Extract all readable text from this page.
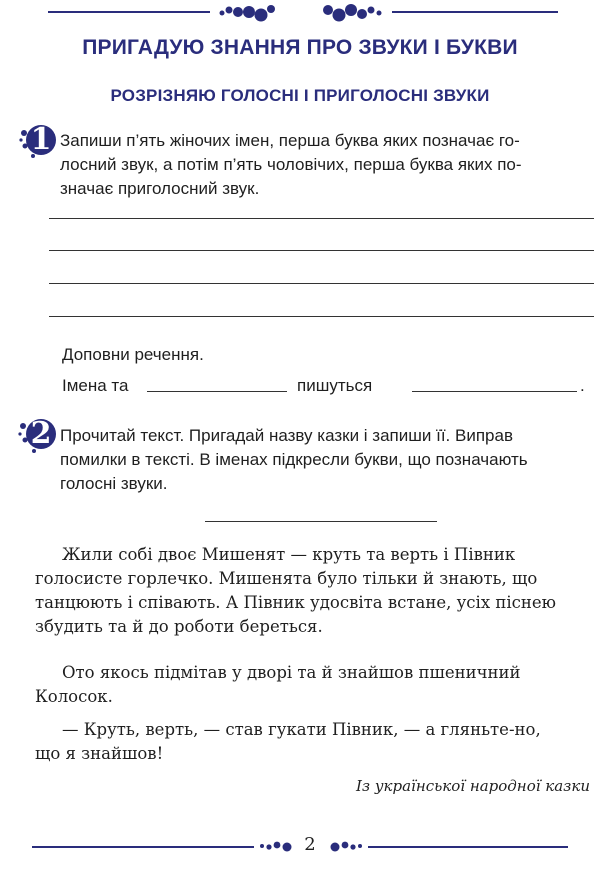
ПРИГАДУЮ ЗНАННЯ ПРО ЗВУКИ І БУКВИ
РОЗРІЗНЯЮ ГОЛОСНІ І ПРИГОЛОСНІ ЗВУКИ
1 Запиши п’ять жіночих імен, перша буква яких позначає го-
лосний звук, а потім п’ять чоловічих, перша буква яких по-
значає приголосний звук.
Доповни речення.
Імена та	пишуться	.
2 Прочитай текст. Пригадай назву казки і запиши її. Виправ
помилки в тексті. В іменах підкресли букви, що позначають
голосні звуки.
Жили собі двоє Мишенят — круть та верть і Півник
голосисте горлечко. Мишенята було тільки й знають, що
танцюють і співають. А Півник удосвіта встане, усіх піснею
збудить та й до роботи береться.
Ото якось підмітав у дворі та й знайшов пшеничний
Колосок.
— Круть, верть, — став гукати Півник, — а гляньте-но,
що я знайшов!
Із української народної казки
2
